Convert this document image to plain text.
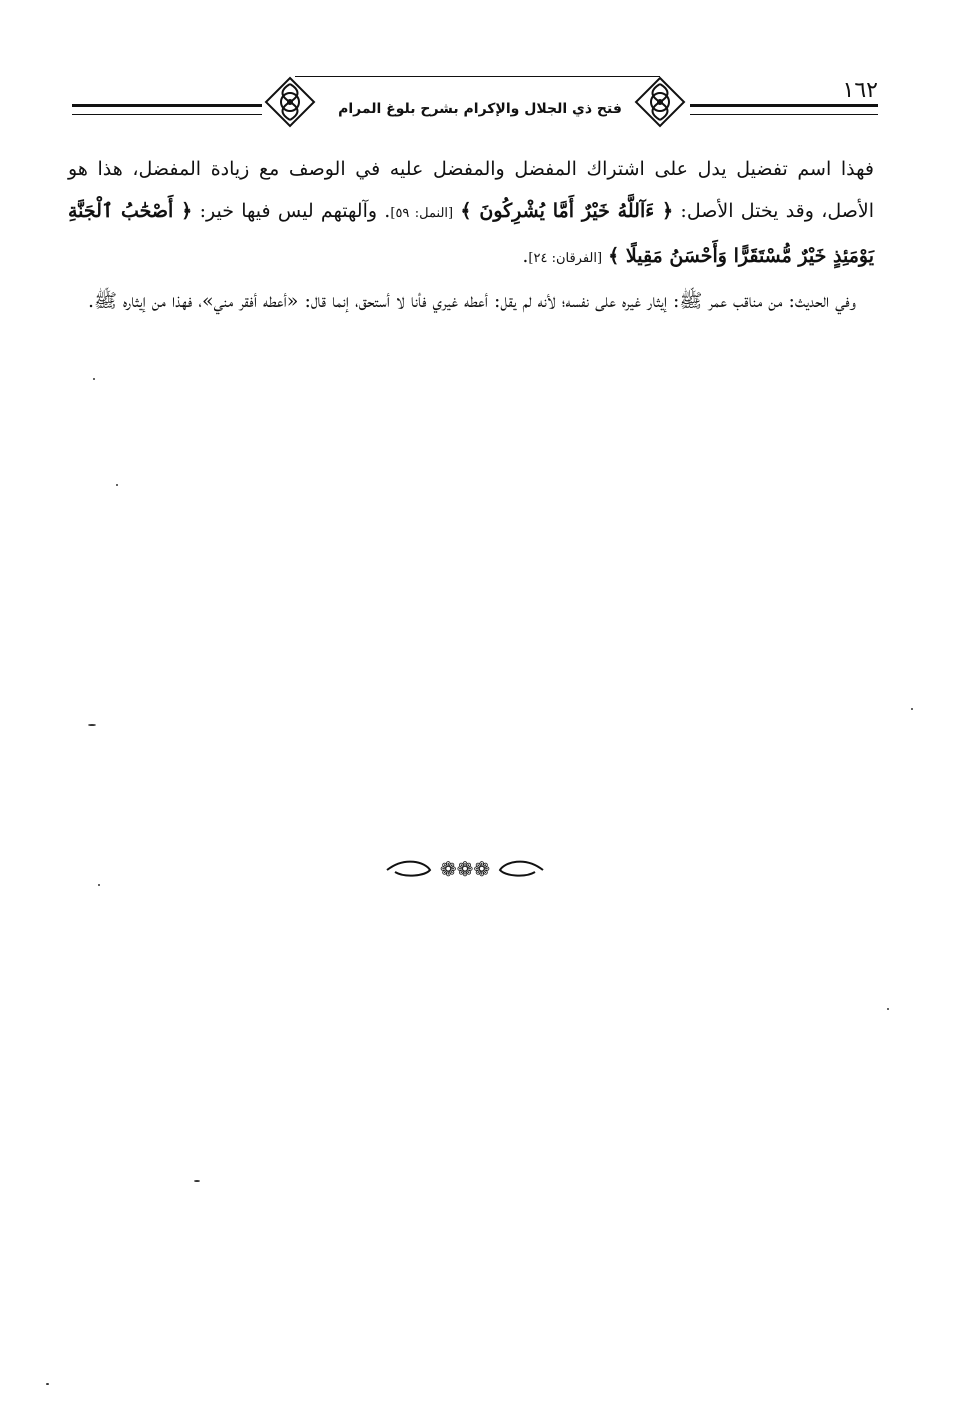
١٦٢
فتح ذي الجلال والإكرام بشرح بلوغ المرام

فهذا اسم تفضيل يدل على اشتراك المفضل والمفضل عليه في الوصف مع زيادة المفضل، هذا هو الأصل، وقد يختل الأصل: ﴿ ءَآللَّهُ خَيْرٌ أَمَّا يُشْرِكُونَ ﴾ [النمل: ٥٩]. وآلهتهم ليس فيها خير: ﴿ أَصْحَٰبُ ٱلْجَنَّةِ يَوْمَئِذٍ خَيْرٌ مُّسْتَقَرًّا وَأَحْسَنُ مَقِيلًا ﴾ [الفرقان: ٢٤].

وفي الحديث: من مناقب عمر ﷺ: إيثار غيره على نفسه؛ لأنه لم يقل: أعطه غيري فأنا لا أستحق، إنما قال: «أعطه أفقر مني»، فهذا من إيثاره ﷺ.

❁❁❁
